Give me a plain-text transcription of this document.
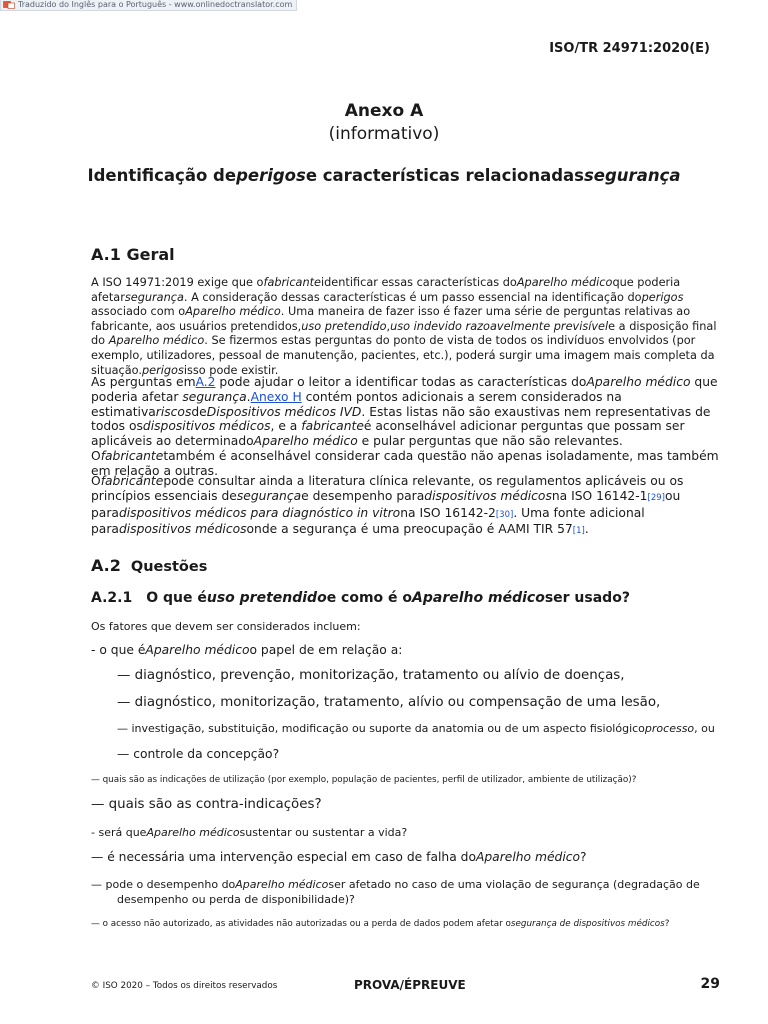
Traduzido do Inglês para o Português - www.onlinedoctranslator.com
ISO/TR 24971:2020(E)
Anexo A
(informativo)
Identificação deperigose características relacionadassegurança
A.1 Geral
A ISO 14971:2019 exige que ofabricanteidentificar essas características doAparelho médicoque poderia afetarsegurança. A consideração dessas características é um passo essencial na identificação doperigos associado com oAparelho médico. Uma maneira de fazer isso é fazer uma série de perguntas relativas ao fabricante, aos usuários pretendidos,uso pretendido,uso indevido razoavelmente previsívele a disposição final do Aparelho médico. Se fizermos estas perguntas do ponto de vista de todos os indivíduos envolvidos (por exemplo, utilizadores, pessoal de manutenção, pacientes, etc.), poderá surgir uma imagem mais completa da situação.perigosisso pode existir.
As perguntas emA.2 pode ajudar o leitor a identificar todas as características doAparelho médico que poderia afetar segurança.Anexo H contém pontos adicionais a serem considerados na estimativariscosdeDispositivos médicos IVD. Estas listas não são exaustivas nem representativas de todos osdispositivos médicos, e a fabricanteé aconselhável adicionar perguntas que possam ser aplicáveis ao determinadoAparelho médico e pular perguntas que não são relevantes. Ofabricantetambém é aconselhável considerar cada questão não apenas isoladamente, mas também em relação a outras.
Ofabricantepode consultar ainda a literatura clínica relevante, os regulamentos aplicáveis ou os princípios essenciais desegurançae desempenho paradispositivos médicosna ISO 16142-1[29]ou paradispositivos médicos para diagnóstico in vitrona ISO 16142-2[30]. Uma fonte adicional paradispositivos médicosonde a segurança é uma preocupação é AAMI TIR 57[1].
A.2 Questões
A.2.1 O que éuso pretendidoe como é oAparelho médicoser usado?
Os fatores que devem ser considerados incluem:
- o que éAparelho médicoo papel de em relação a:
— diagnóstico, prevenção, monitorização, tratamento ou alívio de doenças,
— diagnóstico, monitorização, tratamento, alívio ou compensação de uma lesão,
— investigação, substituição, modificação ou suporte da anatomia ou de um aspecto fisiológicoprocesso, ou
— controle da concepção?
— quais são as indicações de utilização (por exemplo, população de pacientes, perfil de utilizador, ambiente de utilização)?
— quais são as contra-indicações?
- será queAparelho médicosustentar ou sustentar a vida?
— é necessária uma intervenção especial em caso de falha doAparelho médico?
— pode o desempenho doAparelho médicoser afetado no caso de uma violação de segurança (degradação de
desempenho ou perda de disponibilidade)?
— o acesso não autorizado, as atividades não autorizadas ou a perda de dados podem afetar osegurança de dispositivos médicos?
© ISO 2020 – Todos os direitos reservados	PROVA/ÉPREUVE	29
